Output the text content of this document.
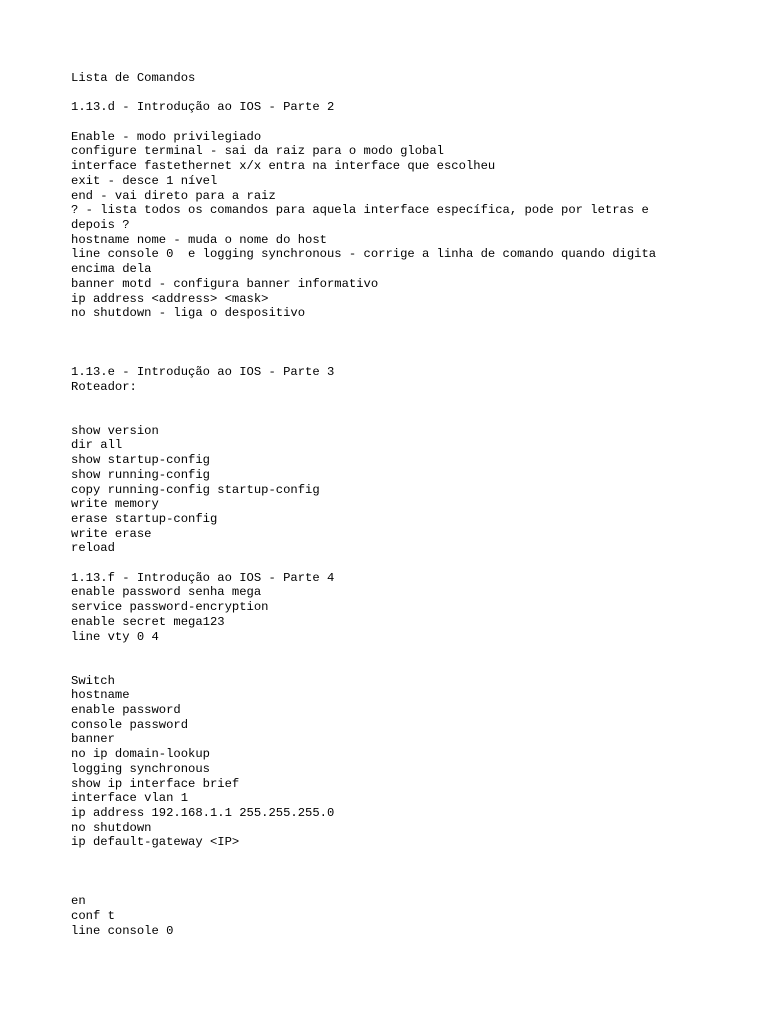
Lista de Comandos
1.13.d - Introdução ao IOS - Parte 2
Enable - modo privilegiado
configure terminal - sai da raiz para o modo global
interface fastethernet x/x entra na interface que escolheu
exit - desce 1 nível
end - vai direto para a raiz
? - lista todos os comandos para aquela interface específica, pode por letras e
depois ?
hostname nome - muda o nome do host
line console 0  e logging synchronous - corrige a linha de comando quando digita
encima dela
banner motd - configura banner informativo
ip address <address> <mask>
no shutdown - liga o despositivo
1.13.e - Introdução ao IOS - Parte 3
Roteador:
show version
dir all
show startup-config
show running-config
copy running-config startup-config
write memory
erase startup-config
write erase
reload
1.13.f - Introdução ao IOS - Parte 4
enable password senha mega
service password-encryption
enable secret mega123
line vty 0 4
Switch
hostname
enable password
console password
banner
no ip domain-lookup
logging synchronous
show ip interface brief
interface vlan 1
ip address 192.168.1.1 255.255.255.0
no shutdown
ip default-gateway <IP>
en
conf t
line console 0
